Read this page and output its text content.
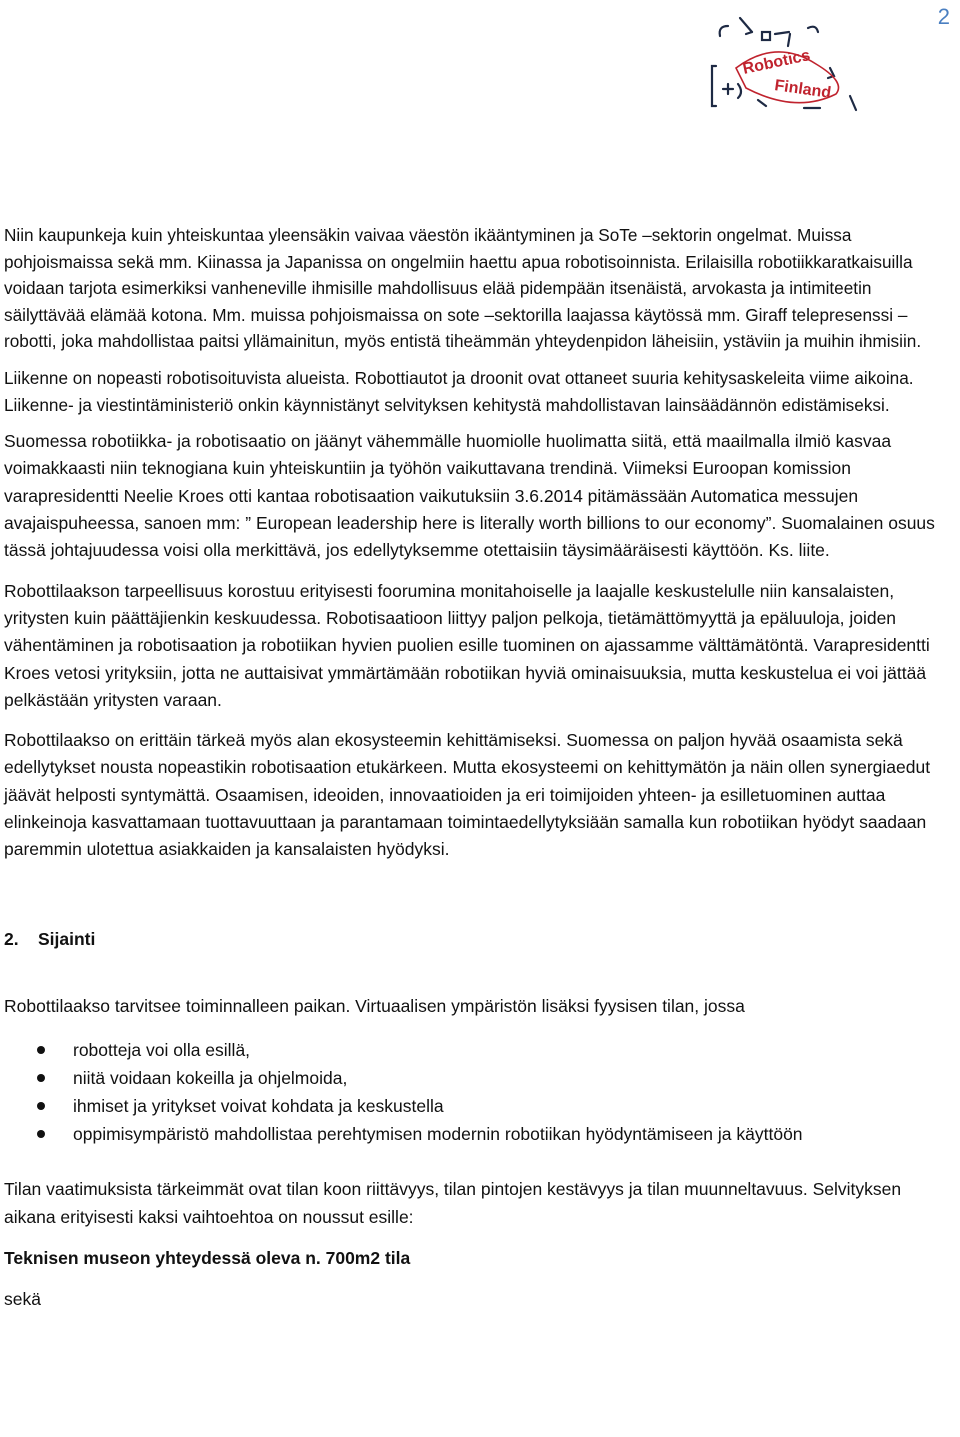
2
Robotics
Finland

Niin kaupunkeja kuin yhteiskuntaa yleensäkin vaivaa väestön ikääntyminen ja SoTe –sektorin ongelmat. Muissa pohjoismaissa sekä mm. Kiinassa ja Japanissa on ongelmiin haettu apua robotisoinnista. Erilaisilla robotiikkaratkaisuilla voidaan tarjota esimerkiksi vanheneville ihmisille mahdollisuus elää pidempään itsenäistä, arvokasta ja intimiteetin säilyttävää elämää kotona. Mm. muissa pohjoismaissa on sote –sektorilla laajassa käytössä mm. Giraff telepresenssi –robotti, joka mahdollistaa paitsi yllämainitun, myös entistä tiheämmän yhteydenpidon läheisiin, ystäviin ja muihin ihmisiin.

Liikenne on nopeasti robotisoituvista alueista. Robottiautot ja droonit ovat ottaneet suuria kehitysaskeleita viime aikoina. Liikenne- ja viestintäministeriö onkin käynnistänyt selvityksen kehitystä mahdollistavan lainsäädännön edistämiseksi.

Suomessa robotiikka- ja robotisaatio on jäänyt vähemmälle huomiolle huolimatta siitä, että maailmalla ilmiö kasvaa voimakkaasti niin teknogiana kuin yhteiskuntiin ja työhön vaikuttavana trendinä. Viimeksi Euroopan komission varapresidentti Neelie Kroes otti kantaa robotisaation vaikutuksiin 3.6.2014 pitämässään Automatica messujen avajaispuheessa, sanoen mm: ” European leadership here is literally worth billions to our economy”. Suomalainen osuus tässä johtajuudessa voisi olla merkittävä, jos edellytyksemme otettaisiin täysimääräisesti käyttöön. Ks. liite.

Robottilaakson tarpeellisuus korostuu erityisesti foorumina monitahoiselle ja laajalle keskustelulle niin kansalaisten, yritysten kuin päättäjienkin keskuudessa. Robotisaatioon liittyy paljon pelkoja, tietämättömyyttä ja epäluuloja, joiden vähentäminen ja robotisaation ja robotiikan hyvien puolien esille tuominen on ajassamme välttämätöntä. Varapresidentti Kroes vetosi yrityksiin, jotta ne auttaisivat ymmärtämään robotiikan hyviä ominaisuuksia, mutta keskustelua ei voi jättää pelkästään yritysten varaan.

Robottilaakso on erittäin tärkeä myös alan ekosysteemin kehittämiseksi. Suomessa on paljon hyvää osaamista sekä edellytykset nousta nopeastikin robotisaation etukärkeen. Mutta ekosysteemi on kehittymätön ja näin ollen synergiaedut jäävät helposti syntymättä. Osaamisen, ideoiden, innovaatioiden ja eri toimijoiden yhteen- ja esilletuominen auttaa elinkeinoja kasvattamaan tuottavuuttaan ja parantamaan toimintaedellytyksiään samalla kun robotiikan hyödyt saadaan paremmin ulotettua asiakkaiden ja kansalaisten hyödyksi.

2. Sijainti

Robottilaakso tarvitsee toiminnalleen paikan. Virtuaalisen ympäristön lisäksi fyysisen tilan, jossa

robotteja voi olla esillä,
niitä voidaan kokeilla ja ohjelmoida,
ihmiset ja yritykset voivat kohdata ja keskustella
oppimisympäristö mahdollistaa perehtymisen modernin robotiikan hyödyntämiseen ja käyttöön

Tilan vaatimuksista tärkeimmät ovat tilan koon riittävyys, tilan pintojen kestävyys ja tilan muunneltavuus. Selvityksen aikana erityisesti kaksi vaihtoehtoa on noussut esille:

Teknisen museon yhteydessä oleva n. 700m2 tila

sekä
